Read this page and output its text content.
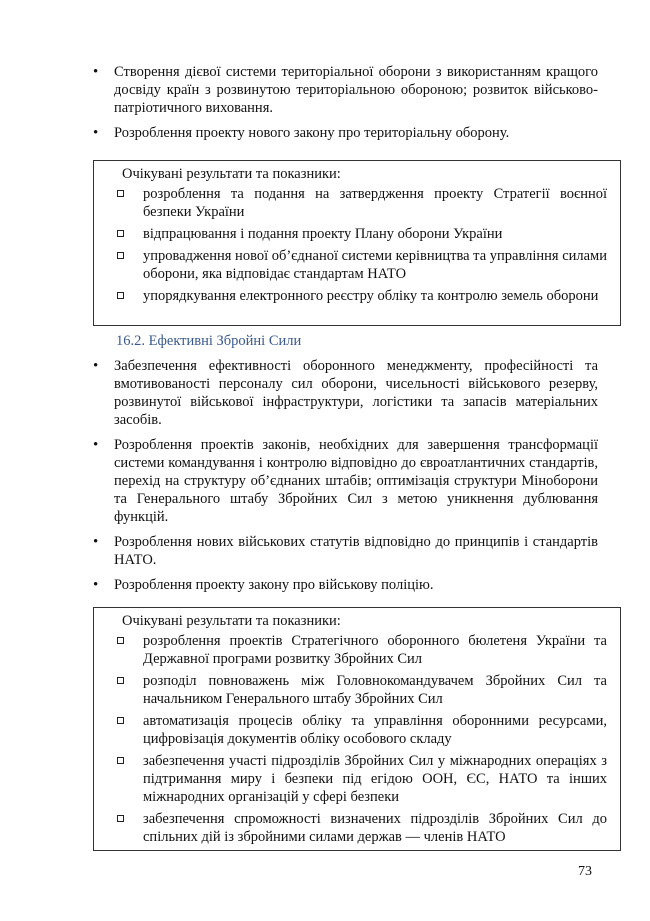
• Створення дієвої системи територіальної оборони з використанням кращого досвіду країн з розвинутою територіальною обороною; розвиток військово-патріотичного виховання.
• Розроблення проекту нового закону про територіальну оборону.
Очікувані результати та показники:
розроблення та подання на затвердження проекту Стратегії воєнної безпеки України
відпрацювання і подання проекту Плану оборони України
упровадження нової об’єднаної системи керівництва та управління силами оборони, яка відповідає стандартам НАТО
упорядкування електронного реєстру обліку та контролю земель оборони
16.2. Ефективні Збройні Сили
• Забезпечення ефективності оборонного менеджменту, професійності та вмотивованості персоналу сил оборони, чисельності військового резерву, розвинутої військової інфраструктури, логістики та запасів матеріальних засобів.
• Розроблення проектів законів, необхідних для завершення трансформації системи командування і контролю відповідно до євроатлантичних стандартів, перехід на структуру об’єднаних штабів; оптимізація структури Міноборони та Генерального штабу Збройних Сил з метою уникнення дублювання функцій.
• Розроблення нових військових статутів відповідно до принципів і стандартів НАТО.
• Розроблення проекту закону про військову поліцію.
Очікувані результати та показники:
розроблення проектів Стратегічного оборонного бюлетеня України та Державної програми розвитку Збройних Сил
розподіл повноважень між Головнокомандувачем Збройних Сил та начальником Генерального штабу Збройних Сил
автоматизація процесів обліку та управління оборонними ресурсами, цифровізація документів обліку особового складу
забезпечення участі підрозділів Збройних Сил у міжнародних операціях з підтримання миру і безпеки під егідою ООН, ЄС, НАТО та інших міжнародних організацій у сфері безпеки
забезпечення спроможності визначених підрозділів Збройних Сил до спільних дій із збройними силами держав — членів НАТО
73
